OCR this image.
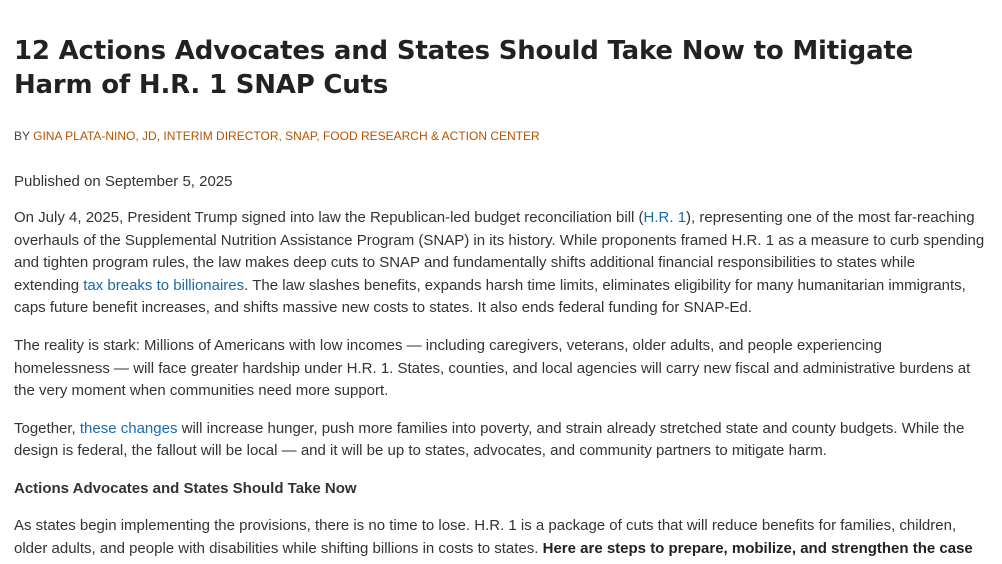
12 Actions Advocates and States Should Take Now to Mitigate Harm of H.R. 1 SNAP Cuts
BY GINA PLATA-NINO, JD, INTERIM DIRECTOR, SNAP, FOOD RESEARCH & ACTION CENTER
Published on September 5, 2025

On July 4, 2025, President Trump signed into law the Republican-led budget reconciliation bill (H.R. 1), representing one of the most far-reaching
overhauls of the Supplemental Nutrition Assistance Program (SNAP) in its history. While proponents framed H.R. 1 as a measure to curb spending
and tighten program rules, the law makes deep cuts to SNAP and fundamentally shifts additional financial responsibilities to states while
extending tax breaks to billionaires. The law slashes benefits, expands harsh time limits, eliminates eligibility for many humanitarian immigrants,
caps future benefit increases, and shifts massive new costs to states. It also ends federal funding for SNAP-Ed.

The reality is stark: Millions of Americans with low incomes — including caregivers, veterans, older adults, and people experiencing
homelessness — will face greater hardship under H.R. 1. States, counties, and local agencies will carry new fiscal and administrative burdens at
the very moment when communities need more support.

Together, these changes will increase hunger, push more families into poverty, and strain already stretched state and county budgets. While the
design is federal, the fallout will be local — and it will be up to states, advocates, and community partners to mitigate harm.

Actions Advocates and States Should Take Now

As states begin implementing the provisions, there is no time to lose. H.R. 1 is a package of cuts that will reduce benefits for families, children,
older adults, and people with disabilities while shifting billions in costs to states. Here are steps to prepare, mobilize, and strengthen the case
